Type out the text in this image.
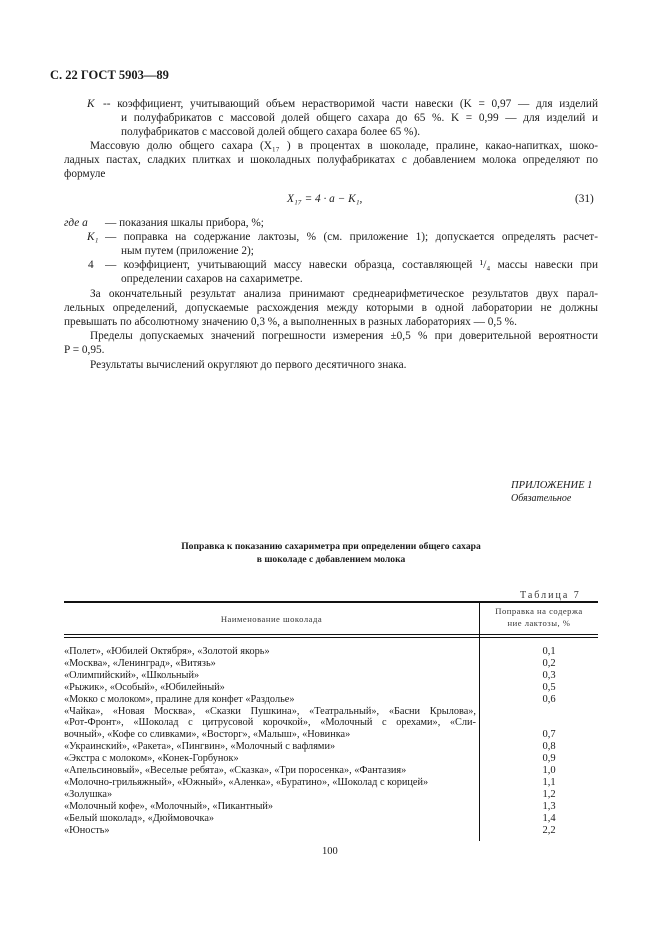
С. 22 ГОСТ 5903—89
K -- коэффициент, учитывающий объем нерастворимой части навески (K = 0,97 — для изделий
и полуфабрикатов с массовой долей общего сахара до 65 %. K = 0,99 — для изделий и
полуфабрикатов с массовой долей общего сахара более 65 %).
Массовую долю общего сахара (X₁₇ ) в процентах в шоколаде, пралине, какао-напитках, шоко-
ладных пастах, сладких плитках и шоколадных полуфабрикатах с добавлением молока определяют по
формуле
X₁₇ = 4 · a − K₁,	(31)
где a — показания шкалы прибора, %;
K₁ — поправка на содержание лактозы, % (см. приложение 1); допускается определять расчет-
ным путем (приложение 2);
4 — коэффициент, учитывающий массу навески образца, составляющей ¹/₄ массы навески при
определении сахаров на сахариметре.
За окончательный результат анализа принимают среднеарифметическое результатов двух парал-
лельных определений, допускаемые расхождения между которыми в одной лаборатории не должны
превышать по абсолютному значению 0,3 %, а выполненных в разных лабораториях — 0,5 %.
Пределы допускаемых значений погрешности измерения ±0,5 % при доверительной вероятности
P = 0,95.
Результаты вычислений округляют до первого десятичного знака.
ПРИЛОЖЕНИЕ 1
Обязательное
Поправка к показанию сахариметра при определении общего сахара
в шоколаде с добавлением молока
Таблица 7
Наименование шоколада
Поправка на содержа
ние лактозы, %
«Полет», «Юбилей Октября», «Золотой якорь»	0,1
«Москва», «Ленинград», «Витязь»	0,2
«Олимпийский», «Школьный»	0,3
«Рыжик», «Особый», «Юбилейный»	0,5
«Мокко с молоком», пралине для конфет «Раздолье»	0,6
«Чайка», «Новая Москва», «Сказки Пушкина», «Театральный», «Басни Крылова»,
«Рот-Фронт», «Шоколад с цитрусовой корочкой», «Молочный с орехами», «Сли-
вочный», «Кофе со сливками», «Восторг», «Малыш», «Новинка»	0,7
«Украинский», «Ракета», «Пингвин», «Молочный с вафлями»	0,8
«Экстра с молоком», «Конек-Горбунок»	0,9
«Апельсиновый», «Веселые ребята», «Сказка», «Три поросенка», «Фантазия»	1,0
«Молочно-грильяжный», «Южный», «Аленка», «Буратино», «Шоколад с корицей»	1,1
«Золушка»	1,2
«Молочный кофе», «Молочный», «Пикантный»	1,3
«Белый шоколад», «Дюймовочка»	1,4
«Юность»	2,2
100
